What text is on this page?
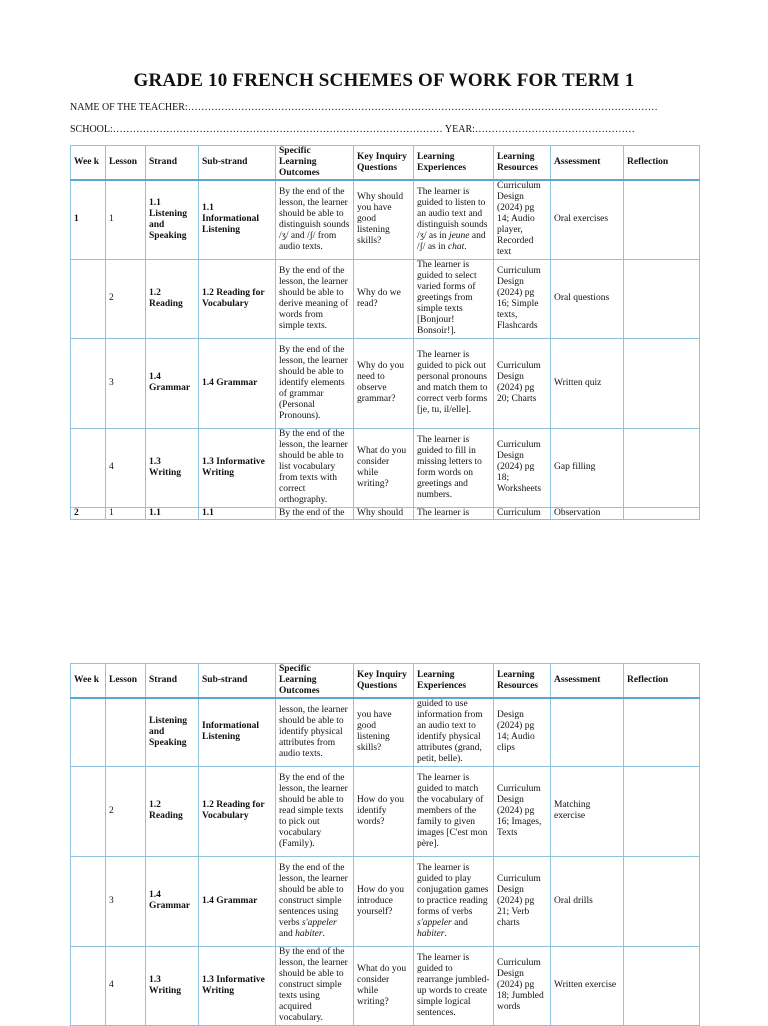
GRADE 10 FRENCH SCHEMES OF WORK FOR TERM 1
NAME OF THE TEACHER:……………………………………………………………………………………………………………………………
SCHOOL:……………………………………………………………………………………… YEAR:…………………………………………
Wee k	Lesson	Strand	Sub-strand	Specific Learning Outcomes	Key Inquiry Questions	Learning Experiences	Learning Resources	Assessment	Reflection
1	1	1.1 Listening and Speaking	1.1 Informational Listening	By the end of the lesson, the learner should be able to distinguish sounds /ʒ/ and /ʃ/ from audio texts.	Why should you have good listening skills?	The learner is guided to listen to an audio text and distinguish sounds /ʒ/ as in jeune and /ʃ/ as in chat.	Curriculum Design (2024) pg 14; Audio player, Recorded text	Oral exercises	
	2	1.2 Reading	1.2 Reading for Vocabulary	By the end of the lesson, the learner should be able to derive meaning of words from simple texts.	Why do we read?	The learner is guided to select varied forms of greetings from simple texts [Bonjour! Bonsoir!].	Curriculum Design (2024) pg 16; Simple texts, Flashcards	Oral questions	
	3	1.4 Grammar	1.4 Grammar	By the end of the lesson, the learner should be able to identify elements of grammar (Personal Pronouns).	Why do you need to observe grammar?	The learner is guided to pick out personal pronouns and match them to correct verb forms [je, tu, il/elle].	Curriculum Design (2024) pg 20; Charts	Written quiz	
	4	1.3 Writing	1.3 Informative Writing	By the end of the lesson, the learner should be able to list vocabulary from texts with correct orthography.	What do you consider while writing?	The learner is guided to fill in missing letters to form words on greetings and numbers.	Curriculum Design (2024) pg 18; Worksheets	Gap filling	
2	1	1.1	1.1	By the end of the	Why should	The learner is	Curriculum	Observation	
Wee k	Lesson	Strand	Sub-strand	Specific Learning Outcomes	Key Inquiry Questions	Learning Experiences	Learning Resources	Assessment	Reflection
		Listening and Speaking	Informational Listening	lesson, the learner should be able to identify physical attributes from audio texts.	you have good listening skills?	guided to use information from an audio text to identify physical attributes (grand, petit, belle).	Design (2024) pg 14; Audio clips		
	2	1.2 Reading	1.2 Reading for Vocabulary	By the end of the lesson, the learner should be able to read simple texts to pick out vocabulary (Family).	How do you identify words?	The learner is guided to match the vocabulary of members of the family to given images [C'est mon père].	Curriculum Design (2024) pg 16; Images, Texts	Matching exercise	
	3	1.4 Grammar	1.4 Grammar	By the end of the lesson, the learner should be able to construct simple sentences using verbs s'appeler and habiter.	How do you introduce yourself?	The learner is guided to play conjugation games to practice reading forms of verbs s'appeler and habiter.	Curriculum Design (2024) pg 21; Verb charts	Oral drills	
	4	1.3 Writing	1.3 Informative Writing	By the end of the lesson, the learner should be able to construct simple texts using acquired vocabulary.	What do you consider while writing?	The learner is guided to rearrange jumbled-up words to create simple logical sentences.	Curriculum Design (2024) pg 18; Jumbled words	Written exercise	
